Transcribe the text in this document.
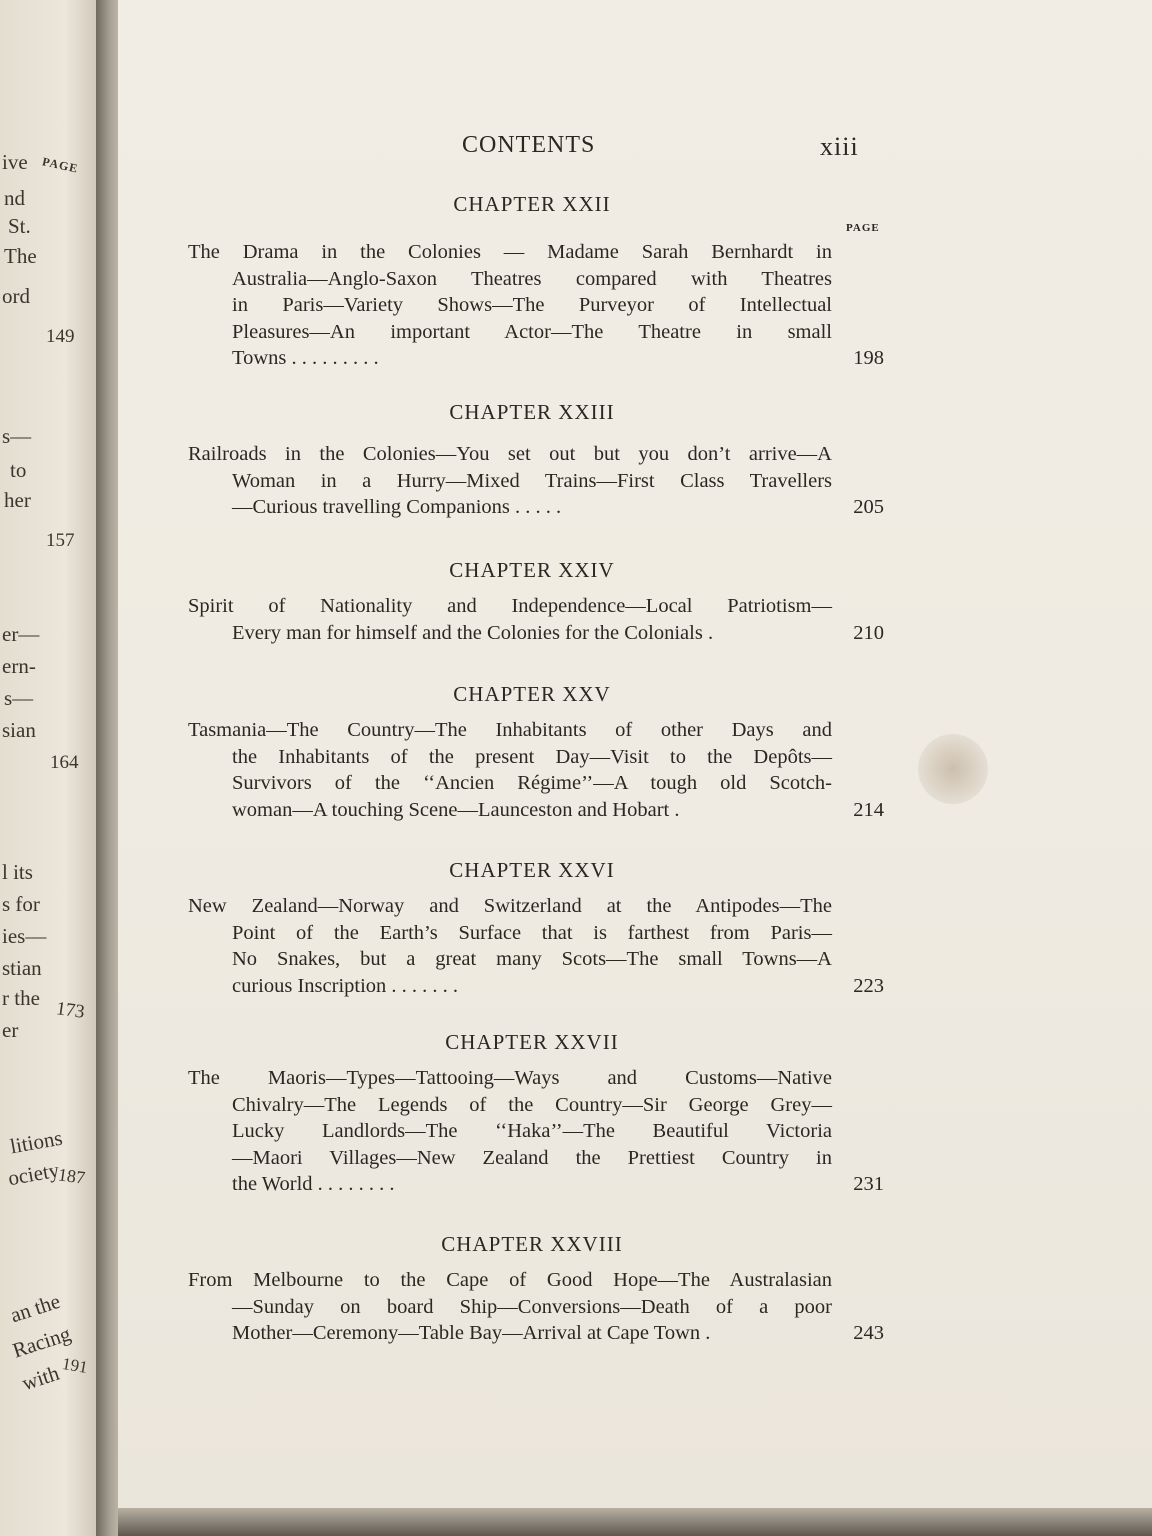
ive PAGE
nd
St.
The
ord
149
s—
to
her
157
er—
ern-
s—
sian
164
l its
s for
ies—
stian
r the
er
173
litions
ociety
187
an the
Racing
with
191
CONTENTS	xiii
PAGE
CHAPTER XXII
The Drama in the Colonies — Madame Sarah Bernhardt in
Australia—Anglo-Saxon Theatres compared with Theatres
in Paris—Variety Shows—The Purveyor of Intellectual
Pleasures—An important Actor—The Theatre in small
Towns . . . . . . . . .	198
CHAPTER XXIII
Railroads in the Colonies—You set out but you don’t arrive—A
Woman in a Hurry—Mixed Trains—First Class Travellers
—Curious travelling Companions . . . . .	205
CHAPTER XXIV
Spirit of Nationality and Independence—Local Patriotism—
Every man for himself and the Colonies for the Colonials .	210
CHAPTER XXV
Tasmania—The Country—The Inhabitants of other Days and
the Inhabitants of the present Day—Visit to the Depôts—
Survivors of the ‘‘Ancien Régime’’—A tough old Scotch-
woman—A touching Scene—Launceston and Hobart .	214
CHAPTER XXVI
New Zealand—Norway and Switzerland at the Antipodes—The
Point of the Earth’s Surface that is farthest from Paris—
No Snakes, but a great many Scots—The small Towns—A
curious Inscription . . . . . . .	223
CHAPTER XXVII
The Maoris—Types—Tattooing—Ways and Customs—Native
Chivalry—The Legends of the Country—Sir George Grey—
Lucky Landlords—The ‘‘Haka’’—The Beautiful Victoria
—Maori Villages—New Zealand the Prettiest Country in
the World . . . . . . . .	231
CHAPTER XXVIII
From Melbourne to the Cape of Good Hope—The Australasian
—Sunday on board Ship—Conversions—Death of a poor
Mother—Ceremony—Table Bay—Arrival at Cape Town .	243
